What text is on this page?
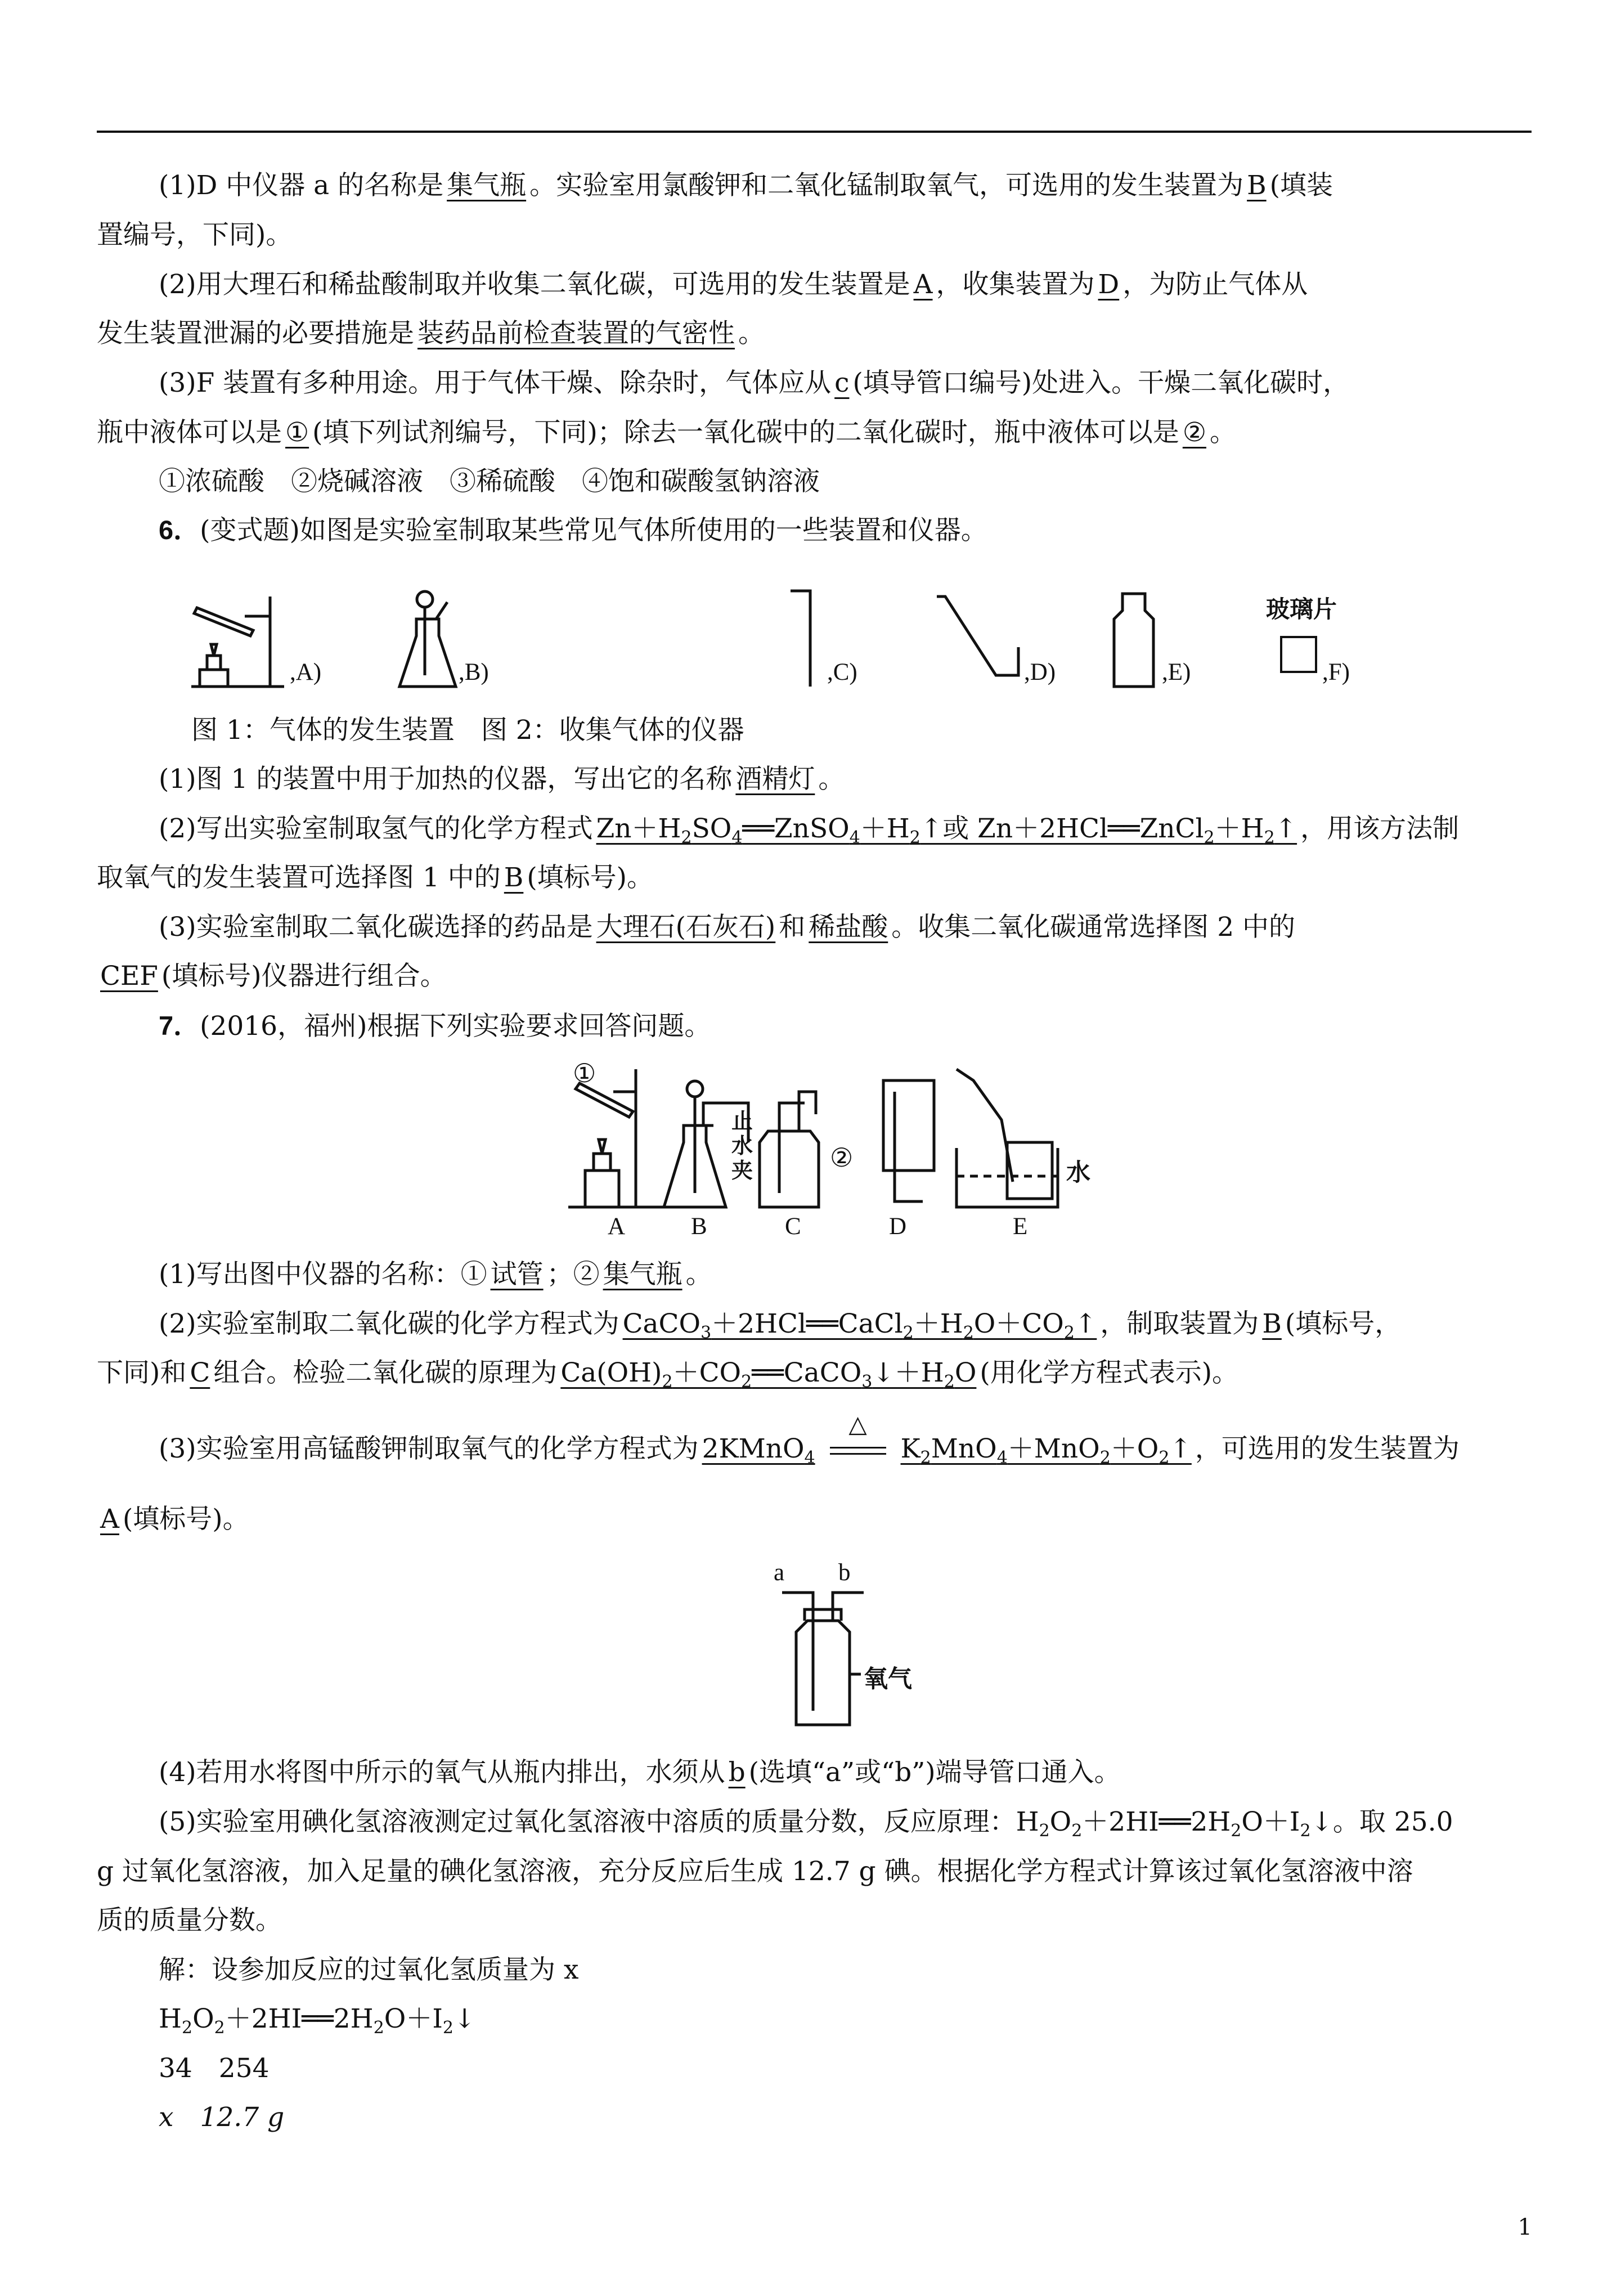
(1)D 中仪器 a 的名称是 集气瓶 。实验室用氯酸钾和二氧化锰制取氧气，可选用的发生装置为 B (填装
置编号，下同)。
(2)用大理石和稀盐酸制取并收集二氧化碳，可选用的发生装置是 A ，收集装置为 D ，为防止气体从
发生装置泄漏的必要措施是 装药品前检查装置的气密性 。
(3)F 装置有多种用途。用于气体干燥、除杂时，气体应从 c (填导管口编号)处进入。干燥二氧化碳时，
瓶中液体可以是 ① (填下列试剂编号，下同)；除去一氧化碳中的二氧化碳时，瓶中液体可以是 ② 。
①浓硫酸　②烧碱溶液　③稀硫酸　④饱和碳酸氢钠溶液
6．(变式题)如图是实验室制取某些常见气体所使用的一些装置和仪器。
,A)	,B)	,C)	,D)	,E)
玻璃片
,F)
图 1：气体的发生装置　图 2：收集气体的仪器
(1)图 1 的装置中用于加热的仪器，写出它的名称 酒精灯 。
(2)写出实验室制取氢气的化学方程式 $Zn+H_2SO_4══ZnSO_4+H_2↑$或 $Zn+2HCl══ZnCl_2+H_2↑$ ，用该方法制
取氧气的发生装置可选择图 1 中的 B (填标号)。
(3)实验室制取二氧化碳选择的药品是 大理石(石灰石) 和 稀盐酸 。收集二氧化碳通常选择图 2 中的
CEF (填标号)仪器进行组合。
7．(2016，福州)根据下列实验要求回答问题。
①
②
止
水
夹	水
A	B	C	D	E
(1)写出图中仪器的名称：① 试管 ；② 集气瓶 。
(2)实验室制取二氧化碳的化学方程式为 $CaCO_3+2HCl══CaCl_2+H_2O+CO_2↑$ ，制取装置为 B (填标号，
下同)和 C 组合。检验二氧化碳的原理为 $Ca(OH)_2+CO_2══CaCO_3↓+H_2O$ (用化学方程式表示)。
(3)实验室用高锰酸钾制取氧气的化学方程式为 2KMnO$_4$
△
$K_2MnO_4+MnO_2+O_2↑$ ，可选用的发生装置为
A (填标号)。
a b
氧气
(4)若用水将图中所示的氧气从瓶内排出，水须从 b (选填“a”或“b”)端导管口通入。
(5)实验室用碘化氢溶液测定过氧化氢溶液中溶质的质量分数，反应原理：$H_2O_2+2HI══2H_2O+I_2↓$。取 25.0
g 过氧化氢溶液，加入足量的碘化氢溶液，充分反应后生成 12.7 g 碘。根据化学方程式计算该过氧化氢溶液中溶
质的质量分数。
解：设参加反应的过氧化氢质量为 x
$H_2O_2+2HI══2H_2O+I_2↓$
34　254
x　12.7 g
1
